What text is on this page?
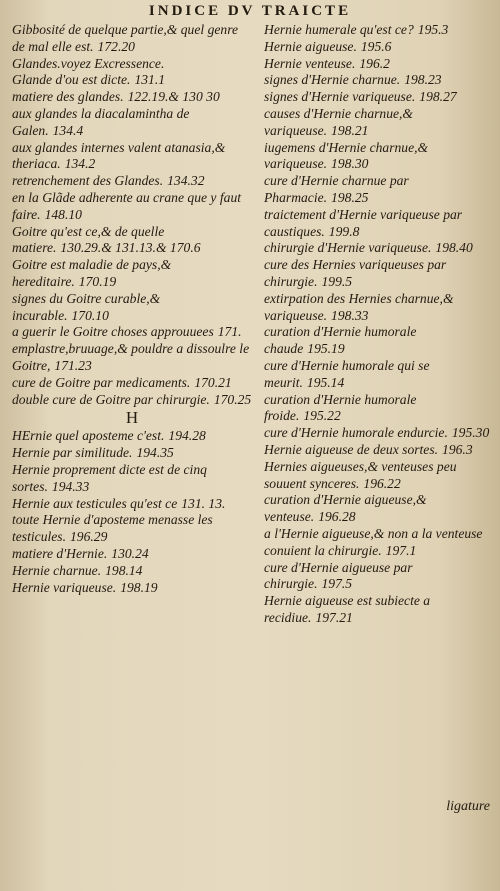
INDICE DV TRAICTE
Gibbosité de quelque partie,& quel genre de mal elle est. 172.20
Glandes.voyez Excressence.
Glande d'ou est dicte. 131.1
matiere des glandes. 122.19.& 130 30
aux glandes la diacalamintha de Galen. 134.4
aux glandes internes valent atanasia,& theriaca. 134.2
retrenchement des Glandes. 134.32
en la Glãde adherente au crane que y faut faire. 148.10
Goitre qu'est ce,& de quelle matiere. 130.29.& 131.13.& 170.6
Goitre est maladie de pays,& hereditaire. 170.19
signes du Goitre curable,& incurable. 170.10
a guerir le Goitre choses approuuees 171.
emplastre,bruuage,& pouldre a dissoulre le Goitre, 171.23
cure de Goitre par medicaments. 170.21
double cure de Goitre par chirurgie. 170.25
H
HErnie quel aposteme c'est. 194.28
Hernie par similitude. 194.35
Hernie proprement dicte est de cinq sortes. 194.33
Hernie aux testicules qu'est ce 131. 13.
toute Hernie d'aposteme menasse les testicules. 196.29
matiere d'Hernie. 130.24
Hernie charnue. 198.14
Hernie variqueuse. 198.19
Hernie humerale qu'est ce? 195.3
Hernie aigueuse. 195.6
Hernie venteuse. 196.2
signes d'Hernie charnue. 198.23
signes d'Hernie variqueuse. 198.27
causes d'Hernie charnue,& variqueuse. 198.21
iugemens d'Hernie charnue,& variqueuse. 198.30
cure d'Hernie charnue par Pharmacie. 198.25
traictement d'Hernie variqueuse par caustiques. 199.8
chirurgie d'Hernie variqueuse. 198.40
cure des Hernies variqueuses par chirurgie. 199.5
extirpation des Hernies charnue,& variqueuse. 198.33
curation d'Hernie humorale chaude 195.19
cure d'Hernie humorale qui se meurit. 195.14
curation d'Hernie humorale froide. 195.22
cure d'Hernie humorale endurcie. 195.30
Hernie aigueuse de deux sortes. 196.3
Hernies aigueuses,& venteuses peu souuent synceres. 196.22
curation d'Hernie aigueuse,& venteuse. 196.28
a l'Hernie aigueuse,& non a la venteuse conuient la chirurgie. 197.1
cure d'Hernie aigueuse par chirurgie. 197.5
Hernie aigueuse est subiecte a recidiue. 197.21
ligature
